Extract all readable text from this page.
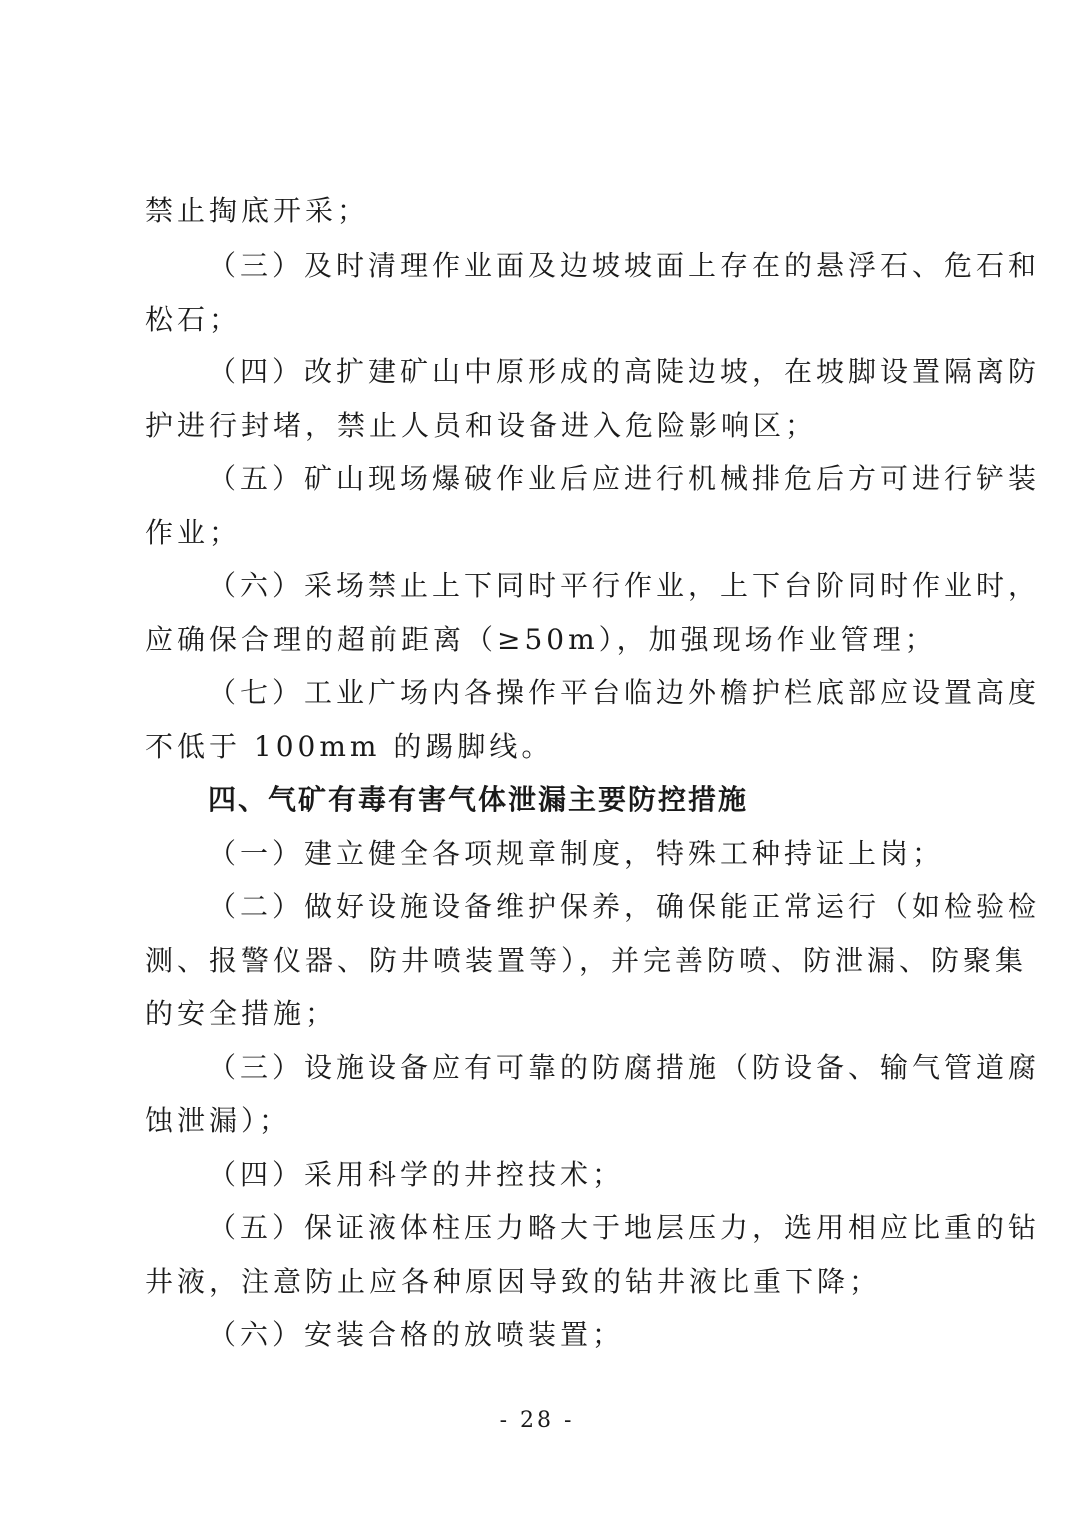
禁止掏底开采；
（三）及时清理作业面及边坡坡面上存在的悬浮石、危石和
松石；
（四）改扩建矿山中原形成的高陡边坡，在坡脚设置隔离防
护进行封堵，禁止人员和设备进入危险影响区；
（五）矿山现场爆破作业后应进行机械排危后方可进行铲装
作业；
（六）采场禁止上下同时平行作业，上下台阶同时作业时，
应确保合理的超前距离（≥50m），加强现场作业管理；
（七）工业广场内各操作平台临边外檐护栏底部应设置高度
不低于 100mm 的踢脚线。
四、气矿有毒有害气体泄漏主要防控措施
（一）建立健全各项规章制度，特殊工种持证上岗；
（二）做好设施设备维护保养，确保能正常运行（如检验检
测、报警仪器、防井喷装置等），并完善防喷、防泄漏、防聚集
的安全措施；
（三）设施设备应有可靠的防腐措施（防设备、输气管道腐
蚀泄漏）；
（四）采用科学的井控技术；
（五）保证液体柱压力略大于地层压力，选用相应比重的钻
井液，注意防止应各种原因导致的钻井液比重下降；
（六）安装合格的放喷装置；
- 28 -
